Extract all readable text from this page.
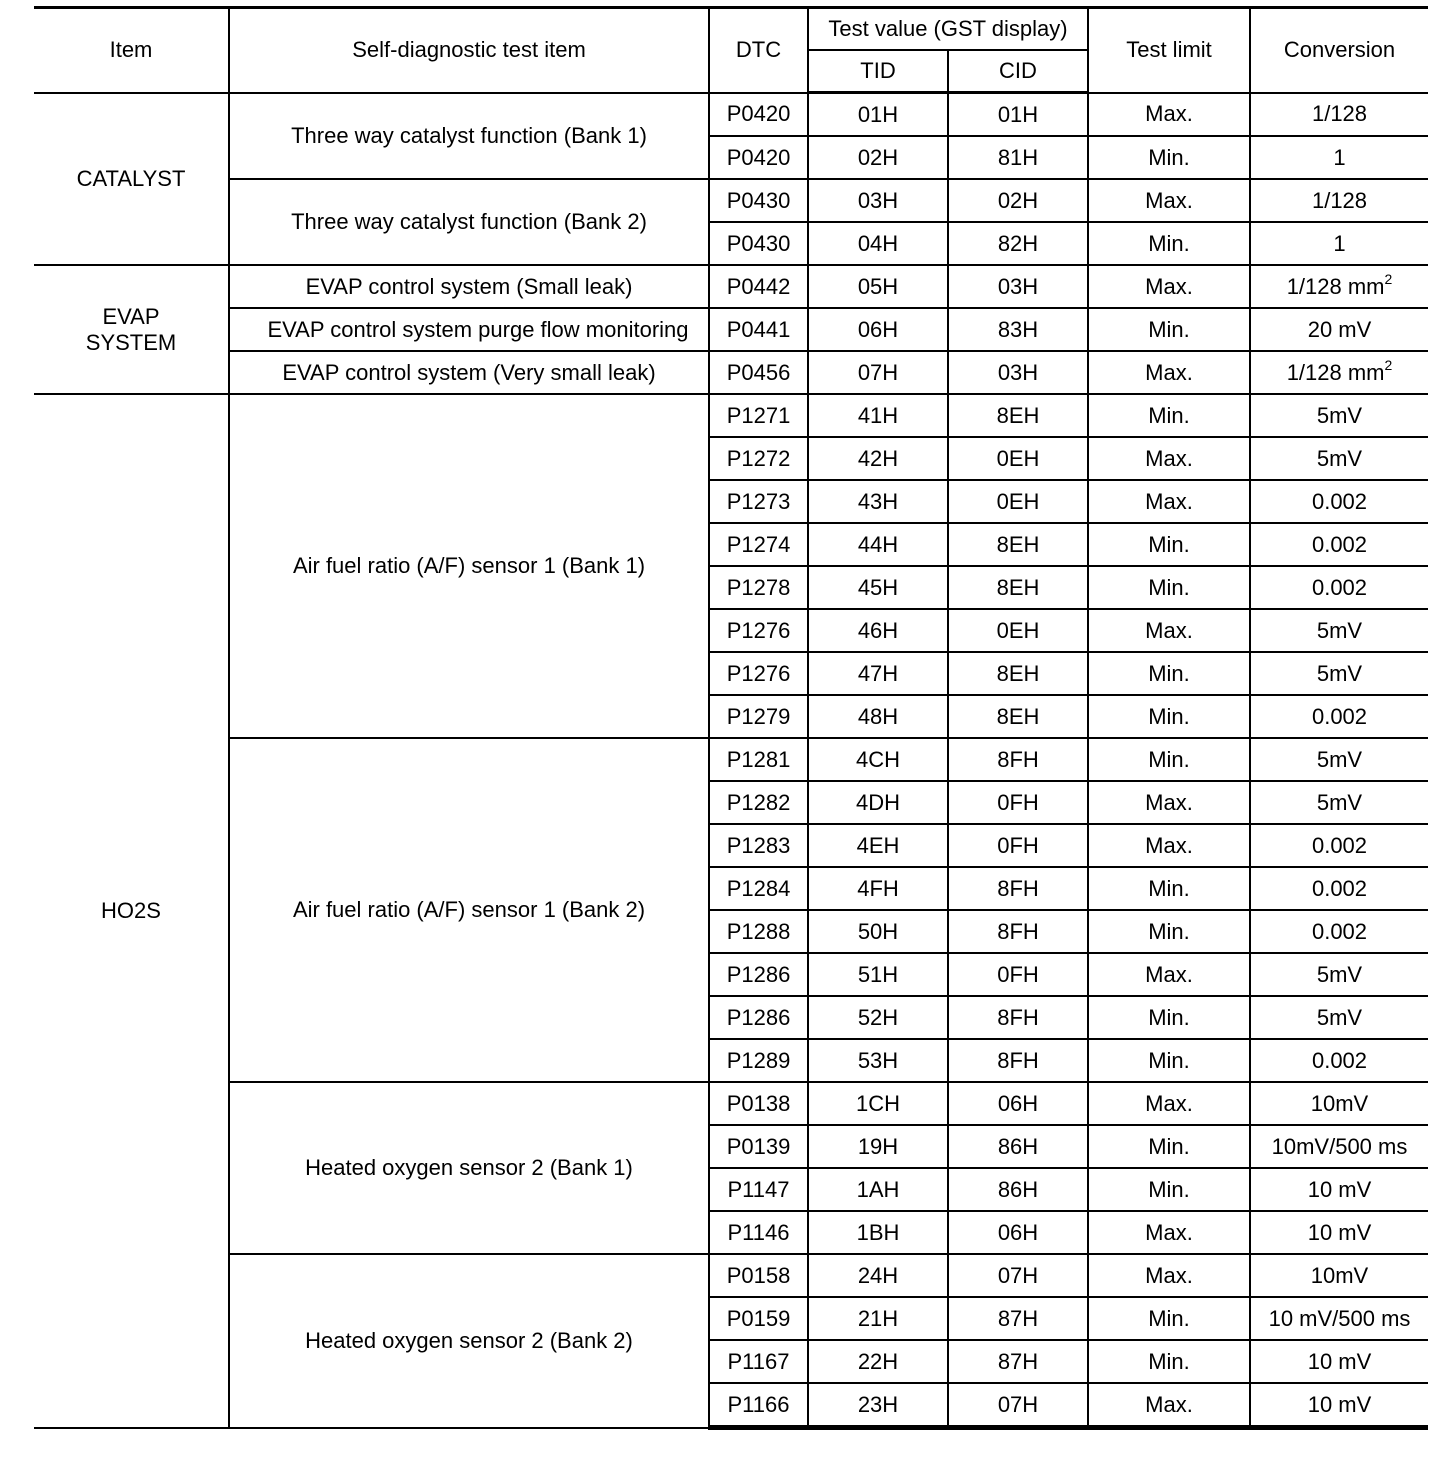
Item	Self-diagnostic test item	DTC	Test value (GST display)		Test limit	Conversion
			TID	CID		
CATALYST	Three way catalyst function (Bank 1)	P0420	01H	01H	Max.	1/128
		P0420	02H	81H	Min.	1
	Three way catalyst function (Bank 2)	P0430	03H	02H	Max.	1/128
		P0430	04H	82H	Min.	1
EVAP SYSTEM	EVAP control system (Small leak)	P0442	05H	03H	Max.	1/128 $mm^2$
	EVAP control system purge flow monitoring	P0441	06H	83H	Min.	20 mV
	EVAP control system (Very small leak)	P0456	07H	03H	Max.	1/128 $mm^2$
HO2S	Air fuel ratio (A/F) sensor 1 (Bank 1)	P1271	41H	8EH	Min.	5mV
		P1272	42H	0EH	Max.	5mV
		P1273	43H	0EH	Max.	0.002
		P1274	44H	8EH	Min.	0.002
		P1278	45H	8EH	Min.	0.002
		P1276	46H	0EH	Max.	5mV
		P1276	47H	8EH	Min.	5mV
		P1279	48H	8EH	Min.	0.002
	Air fuel ratio (A/F) sensor 1 (Bank 2)	P1281	4CH	8FH	Min.	5mV
		P1282	4DH	0FH	Max.	5mV
		P1283	4EH	0FH	Max.	0.002
		P1284	4FH	8FH	Min.	0.002
		P1288	50H	8FH	Min.	0.002
		P1286	51H	0FH	Max.	5mV
		P1286	52H	8FH	Min.	5mV
		P1289	53H	8FH	Min.	0.002
	Heated oxygen sensor 2 (Bank 1)	P0138	1CH	06H	Max.	10mV
		P0139	19H	86H	Min.	10mV/500 ms
		P1147	1AH	86H	Min.	10 mV
		P1146	1BH	06H	Max.	10 mV
	Heated oxygen sensor 2 (Bank 2)	P0158	24H	07H	Max.	10mV
		P0159	21H	87H	Min.	10 mV/500 ms
		P1167	22H	87H	Min.	10 mV
		P1166	23H	07H	Max.	10 mV
